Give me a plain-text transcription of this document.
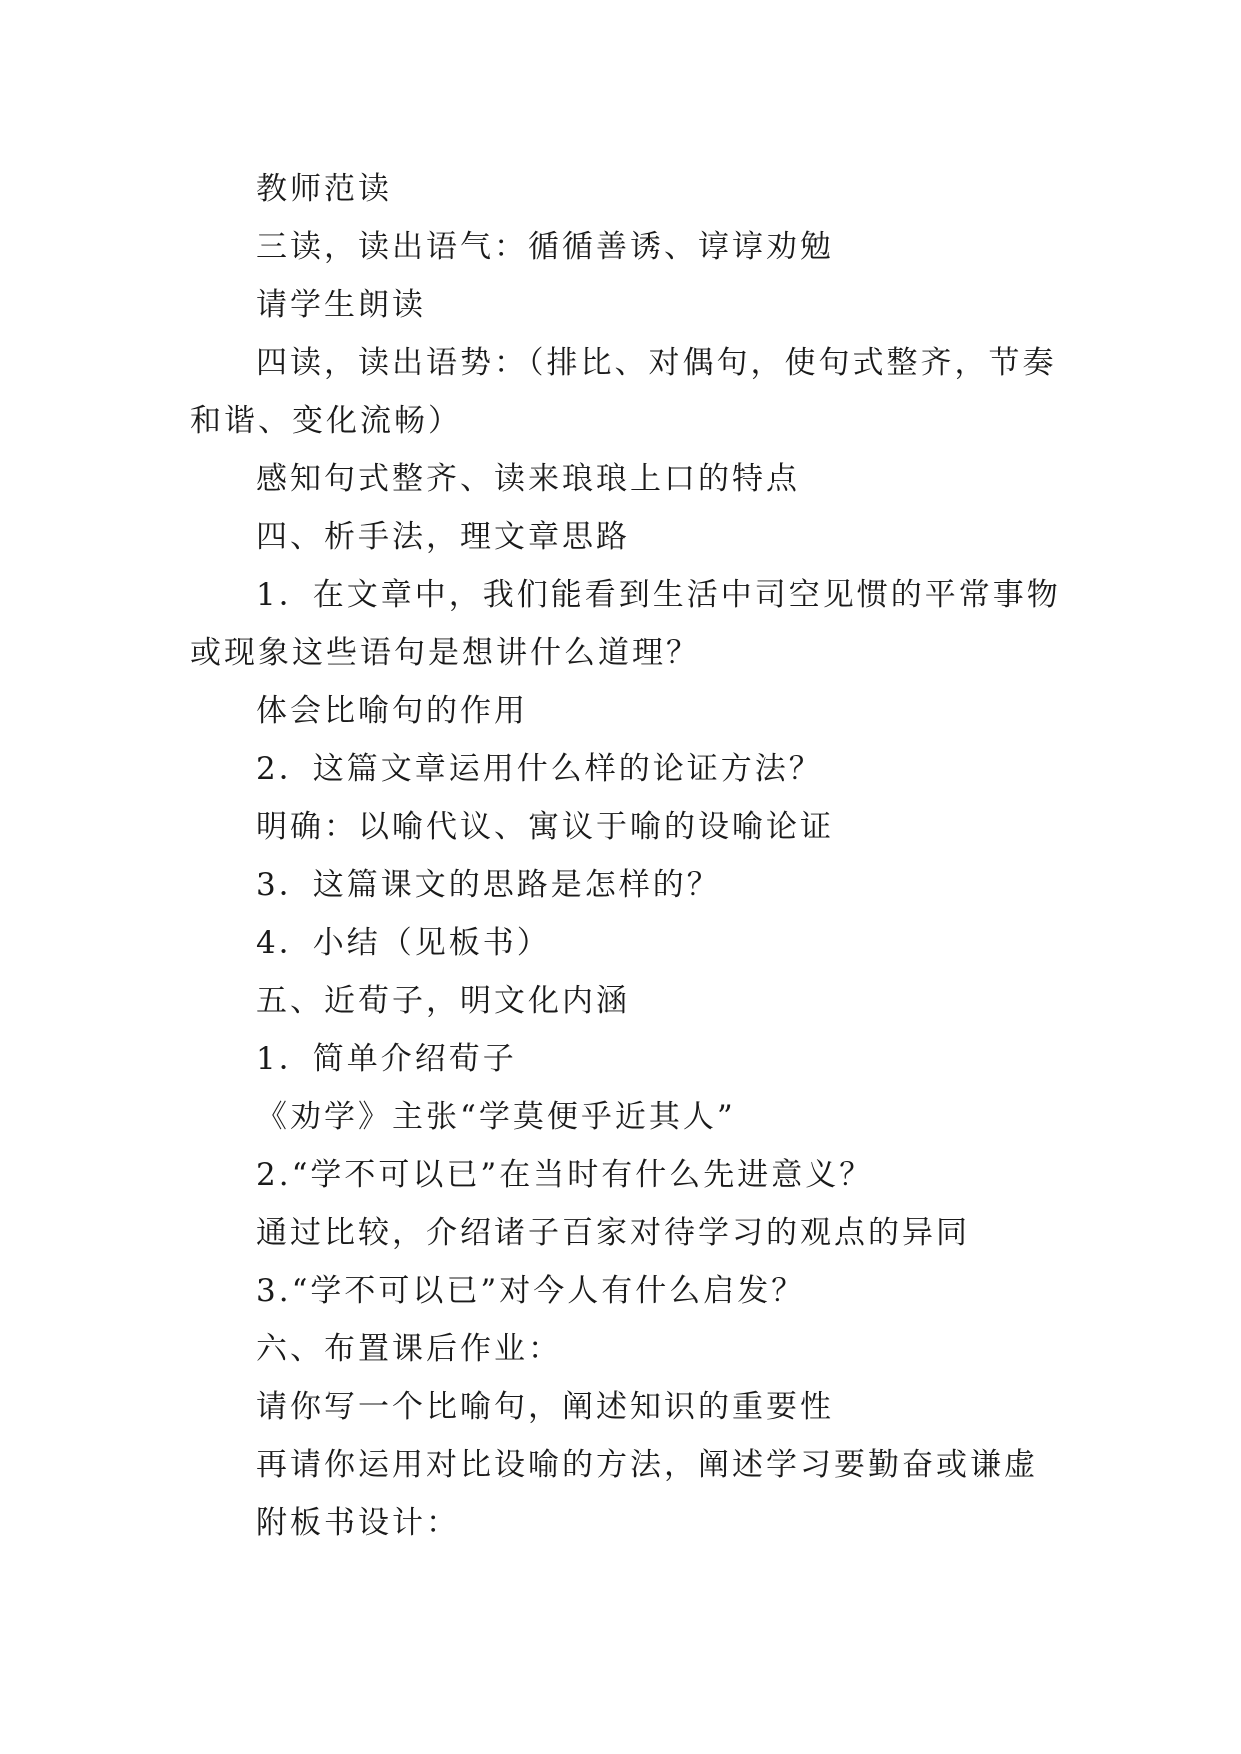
教师范读

三读，读出语气：循循善诱、谆谆劝勉

请学生朗读

四读，读出语势：（排比、对偶句，使句式整齐，节奏和谐、变化流畅）

感知句式整齐、读来琅琅上口的特点

四、析手法，理文章思路

1．在文章中，我们能看到生活中司空见惯的平常事物或现象这些语句是想讲什么道理？

体会比喻句的作用

2．这篇文章运用什么样的论证方法？

明确：以喻代议、寓议于喻的设喻论证

3．这篇课文的思路是怎样的？

4．小结（见板书）

五、近荀子，明文化内涵

1．简单介绍荀子

《劝学》主张“学莫便乎近其人”

2.“学不可以已”在当时有什么先进意义？

通过比较，介绍诸子百家对待学习的观点的异同

3.“学不可以已”对今人有什么启发？

六、布置课后作业：

请你写一个比喻句，阐述知识的重要性

再请你运用对比设喻的方法，阐述学习要勤奋或谦虚

附板书设计：
